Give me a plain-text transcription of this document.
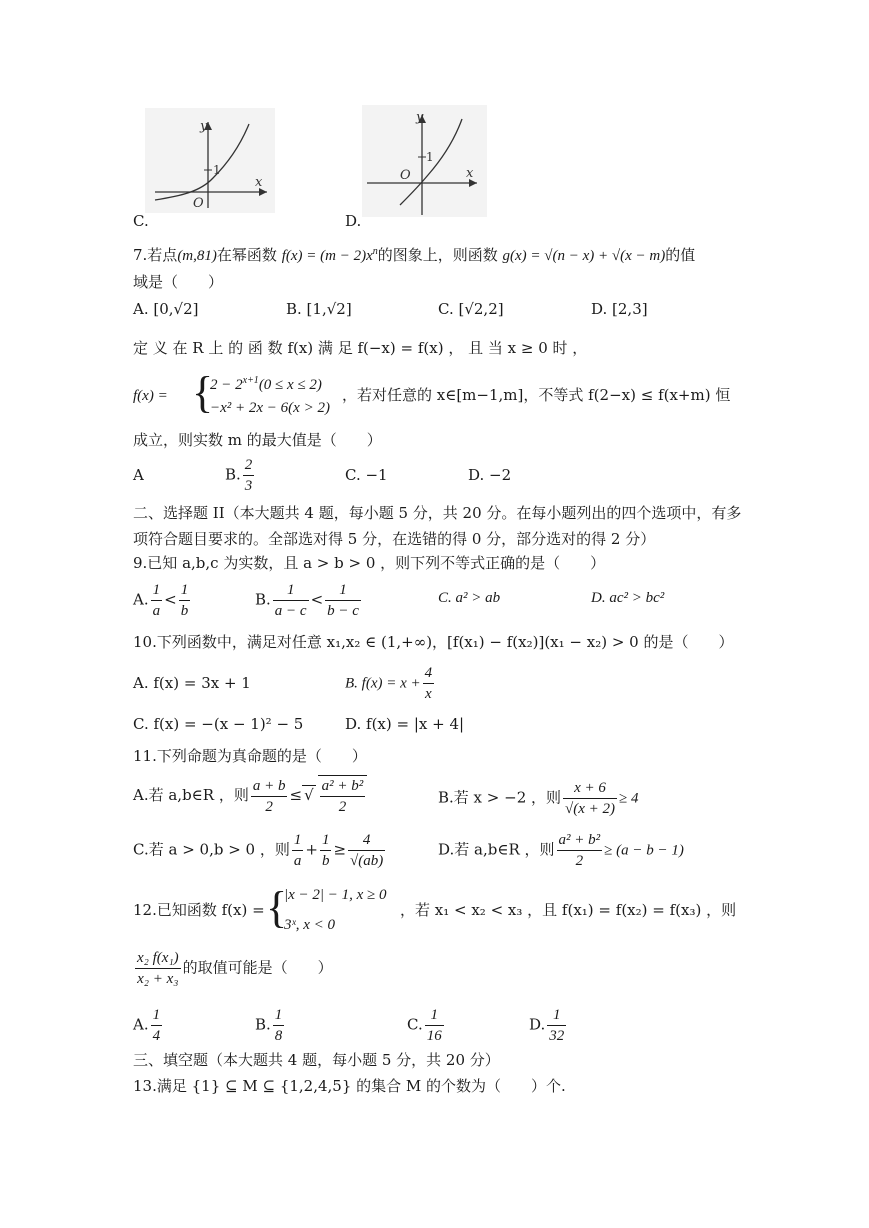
y
x
O
1
C.
y
x
O
1
D.
7.若点(m,81)在幂函数 $f(x) = (m - 2)x^n$的图象上，则函数 g(x) = √(n − x) + √(x − m)的值
域是（　　）
A. [0,√2]	B. [1,√2]	C. [√2,2]	D. [2,3]
定 义 在 R 上 的 函 数 f(x) 满 足 f(−x) = f(x) ， 且 当 x ≥ 0 时 ，
f(x) = {
$2 - 2^{x+1}(0 \le x \le 2)$
−x² + 2x − 6(x > 2)
，若对任意的 x∈[m−1,m]，不等式 f(2−x) ≤ f(x+m) 恒
成立，则实数 m 的最大值是（　　）
A	B. $\frac{2}{3}$	C. −1	D. −2
二、选择题 II（本大题共 4 题，每小题 5 分，共 20 分。在每小题列出的四个选项中，有多
项符合题目要求的。全部选对得 5 分，在选错的得 0 分，部分选对的得 2 分）
9.已知 a,b,c 为实数，且 a > b > 0 ，则下列不等式正确的是（　　）
A. $\frac{1}{a} < \frac{1}{b}$	B. $\frac{1}{a - c} < \frac{1}{b - c}$	C. a² > ab	D. ac² > bc²
10.下列函数中，满足对任意 x₁,x₂ ∈ (1,+∞)，[f(x₁) − f(x₂)](x₁ − x₂) > 0 的是（　　）
A. f(x) = 3x + 1	B. $f(x) = x + \frac{4}{x}$
C. f(x) = −(x − 1)² − 5	D. f(x) = |x + 4|
11.下列命题为真命题的是（　　）
A.若 a,b∈R ，则 $\frac{a + b}{2}$ ≤ √ $\frac{\text{a² + b²}}{2}$	B.若 x > −2 ，则 $\frac{x + 6}{√(x + 2)} \ge 4$
C.若 a > 0,b > 0 ，则 $\frac{1}{a} + \frac{1}{b} \ge \frac{4}{√(ab)}$	D.若 a,b∈R ，则 $\frac{\text{a² + b²}}{2} \ge (a - b - 1)$
12.已知函数 f(x) = {
|x − 2| − 1, x ≥ 0
3ˣ, x < 0
，若 x₁ < x₂ < x₃ ，且 f(x₁) = f(x₂) = f(x₃) ，则
$\frac{\text{x₂ f(x₁)}}{\text{x₂ + x₃}}$ 的取值可能是（　　）
A. $\frac{1}{4}$	B. $\frac{1}{8}$	C. $\frac{1}{16}$	D. $\frac{1}{32}$
三、填空题（本大题共 4 题，每小题 5 分，共 20 分）
13.满足 {1} ⊆ M ⊆ {1,2,4,5} 的集合 M 的个数为（　　）个.
